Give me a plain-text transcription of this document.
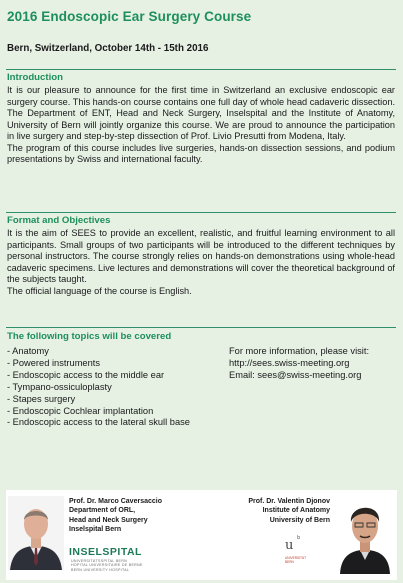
2016 Endoscopic Ear Surgery Course
Bern, Switzerland, October 14th - 15th 2016
Introduction

It is our pleasure to announce for the first time in Switzerland an exclusive endoscopic ear surgery course. This hands-on course contains one full day of whole head cadaveric dissection. The Department of ENT, Head and Neck Surgery, Inselspital and the Institute of Anatomy, University of Bern will jointly organize this course. We are proud to announce the participation in live surgery and step-by-step dissection of Prof. Livio Presutti from Modena, Italy.

The program of this course includes live surgeries, hands-on dissection sessions, and podium presentations by Swiss and international faculty.

Format and Objectives

It is the aim of SEES to provide an excellent, realistic, and fruitful learning environment to all participants. Small groups of two participants will be introduced to the different techniques by personal instructors. The course strongly relies on hands-on demonstrations using whole-head cadaveric specimens. Live lectures and demonstrations will cover the theoretical background of the subjects taught.

The official language of the course is English.

The following topics will be covered
- Anatomy
- Powered instruments
- Endoscopic access to the middle ear
- Tympano-ossiculoplasty
- Stapes surgery
- Endoscopic Cochlear implantation
- Endoscopic access to the lateral skull base
For more information, please visit:
http://sees.swiss-meeting.org
Email: sees@swiss-meeting.org
Prof. Dr. Marco Caversaccio
Department of ORL,
Head and Neck Surgery
Inselspital Bern
INSELSPITAL
UNIVERSITÄTSSPITAL BERN
HOPITAL UNIVERSITAIRE DE BERNE
BERN UNIVERSITY HOSPITAL
Prof. Dr. Valentin Djonov
Institute of Anatomy
University of Bern
u b
UNIVERSITÄT
BERN
